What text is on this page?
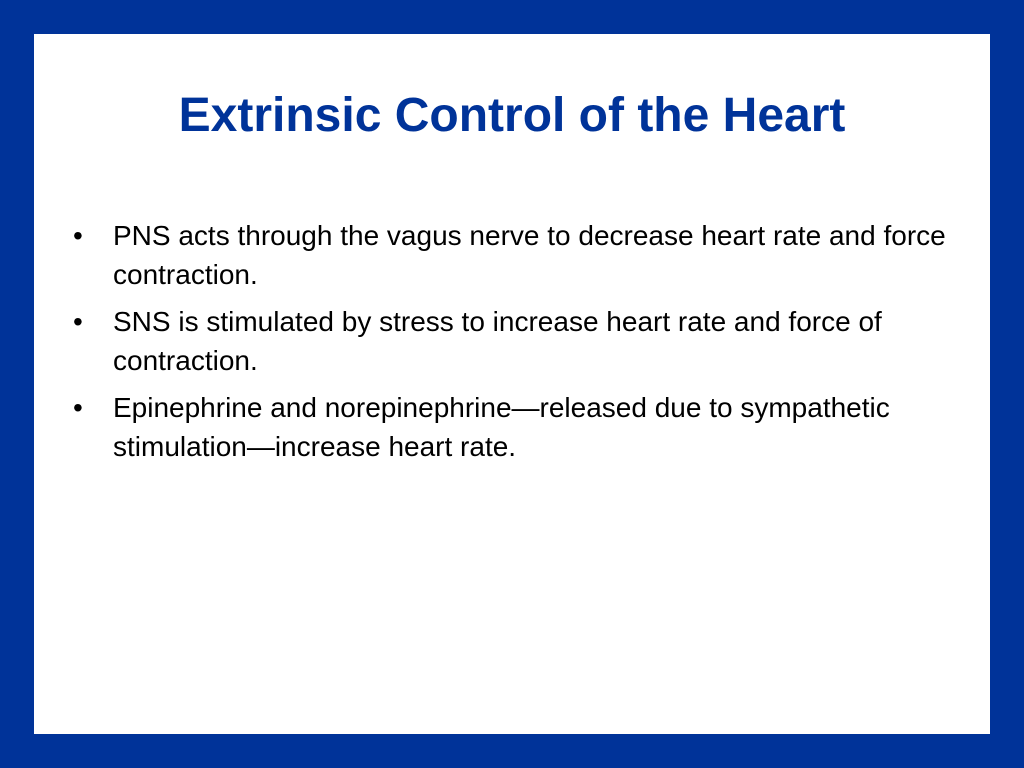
Extrinsic Control of the Heart
• PNS acts through the vagus nerve to decrease heart rate and force contraction.
• SNS is stimulated by stress to increase heart rate and force of contraction.
• Epinephrine and norepinephrine—released due to sympathetic stimulation—increase heart rate.
